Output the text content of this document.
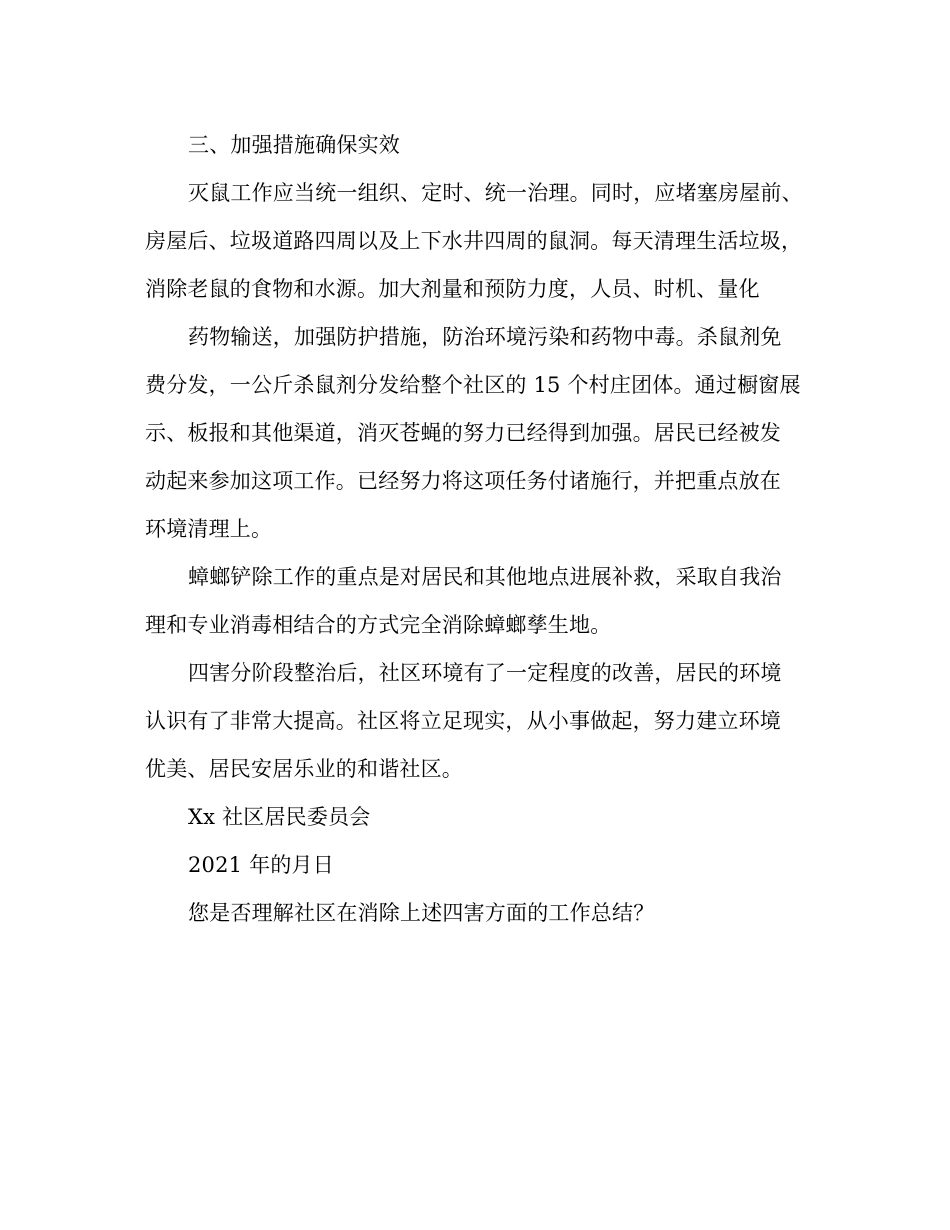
三、加强措施确保实效
灭鼠工作应当统一组织、定时、统一治理。同时，应堵塞房屋前、
房屋后、垃圾道路四周以及上下水井四周的鼠洞。每天清理生活垃圾，
消除老鼠的食物和水源。加大剂量和预防力度，人员、时机、量化
药物输送，加强防护措施，防治环境污染和药物中毒。杀鼠剂免
费分发，一公斤杀鼠剂分发给整个社区的 15 个村庄团体。通过橱窗展
示、板报和其他渠道，消灭苍蝇的努力已经得到加强。居民已经被发
动起来参加这项工作。已经努力将这项任务付诸施行，并把重点放在
环境清理上。
蟑螂铲除工作的重点是对居民和其他地点进展补救，采取自我治
理和专业消毒相结合的方式完全消除蟑螂孳生地。
四害分阶段整治后，社区环境有了一定程度的改善，居民的环境
认识有了非常大提高。社区将立足现实，从小事做起，努力建立环境
优美、居民安居乐业的和谐社区。
Xx 社区居民委员会
2021 年的月日
您是否理解社区在消除上述四害方面的工作总结？
